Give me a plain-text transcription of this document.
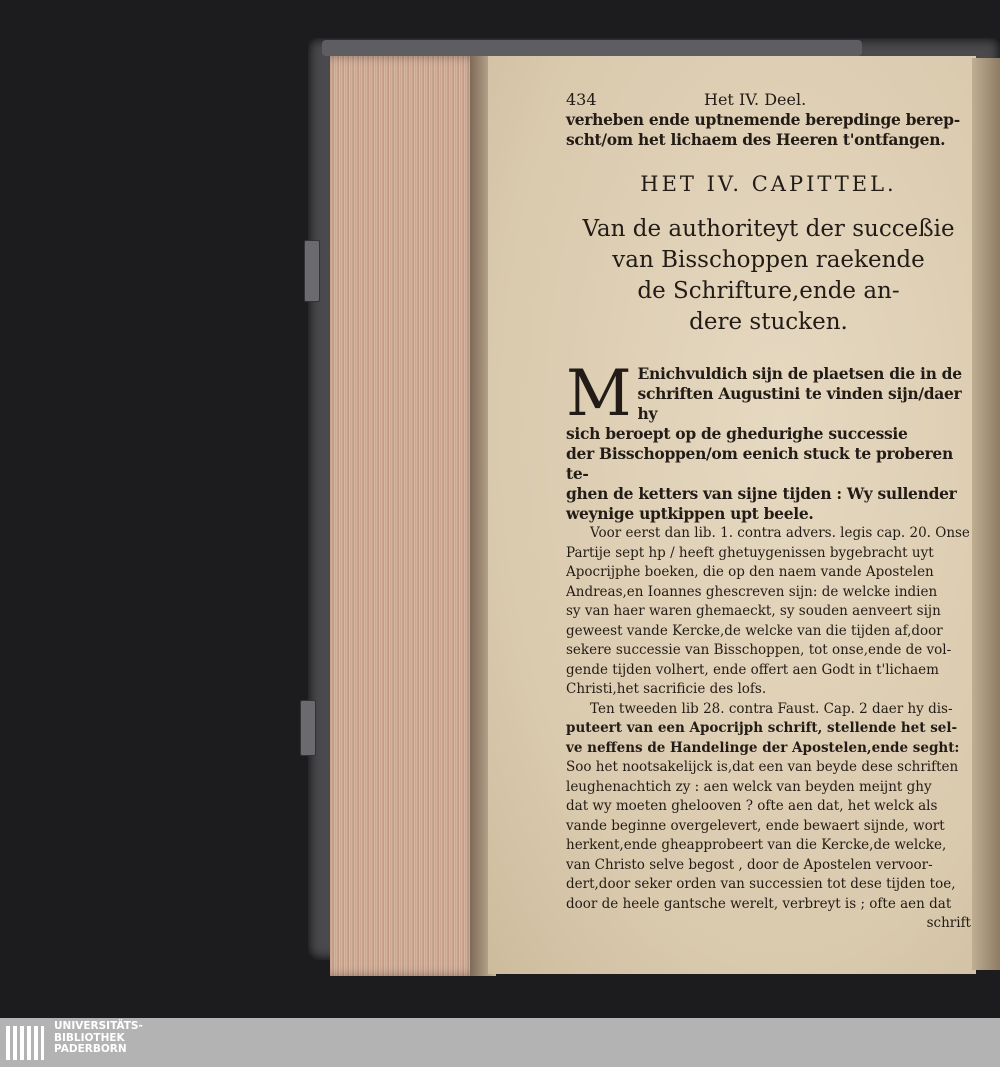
434	Het IV. Deel.
verheben ende uptnemende berepdinge berep-
scht/om het lichaem des Heeren t'ontfangen.
HET IV. CAPITTEL.
Van de authoriteyt der succeßie
van Bisschoppen raekende
de Schrifture,ende an-
dere stucken.
M Enichvuldich sijn de plaetsen die in de
schriften Augustini te vinden sijn/daer hy
sich beroept op de ghedurighe successie
der Bisschoppen/om eenich stuck te proberen te-
ghen de ketters van sijne tijden : Wy sullender
weynige uptkippen upt beele.
Voor eerst dan lib. 1. contra advers. legis cap. 20. Onse
Partije sept hp / heeft ghetuygenissen bygebracht uyt
Apocrijphe boeken, die op den naem vande Apostelen
Andreas,en Ioannes ghescreven sijn: de welcke indien
sy van haer waren ghemaeckt, sy souden aenveert sijn
geweest vande Kercke,de welcke van die tijden af,door
sekere successie van Bisschoppen, tot onse,ende de vol-
gende tijden volhert, ende offert aen Godt in t'lichaem
Christi,het sacrificie des lofs.
Ten tweeden lib 28. contra Faust. Cap. 2 daer hy dis-
puteert van een Apocrijph schrift, stellende het sel-
ve neffens de Handelinge der Apostelen,ende seght:
Soo het nootsakelijck is,dat een van beyde dese schriften
leughenachtich zy : aen welck van beyden meijnt ghy
dat wy moeten ghelooven ? ofte aen dat, het welck als
vande beginne overgelevert, ende bewaert sijnde, wort
herkent,ende gheapprobeert van die Kercke,de welcke,
van Christo selve begost , door de Apostelen vervoor-
dert,door seker orden van successien tot dese tijden toe,
door de heele gantsche werelt, verbreyt is ; ofte aen dat
schrift
UNIVERSITÄTS-
BIBLIOTHEK
PADERBORN
